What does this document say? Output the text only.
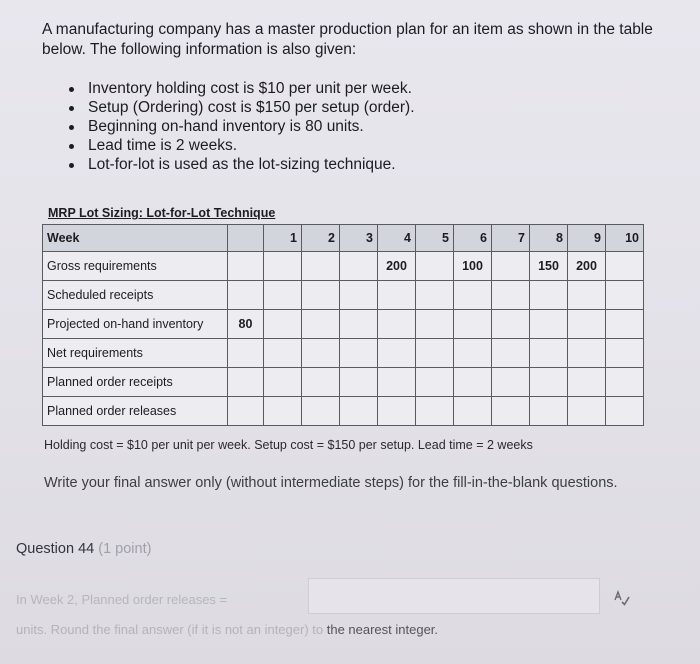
A manufacturing company has a master production plan for an item as shown in the table below. The following information is also given:
Inventory holding cost is $10 per unit per week.
Setup (Ordering) cost is $150 per setup (order).
Beginning on-hand inventory is 80 units.
Lead time is 2 weeks.
Lot-for-lot is used as the lot-sizing technique.
MRP Lot Sizing: Lot-for-Lot Technique
Week		1	2	3	4	5	6	7	8	9	10
Gross requirements					200		100		150	200	
Scheduled receipts											
Projected on-hand inventory	80										
Net requirements											
Planned order receipts											
Planned order releases											
Holding cost = $10 per unit per week. Setup cost = $150 per setup. Lead time = 2 weeks
Write your final answer only (without intermediate steps) for the fill-in-the-blank questions.
Question 44 (1 point)
In Week 2, Planned order releases =
units. Round the final answer (if it is not an integer) to the nearest integer.
